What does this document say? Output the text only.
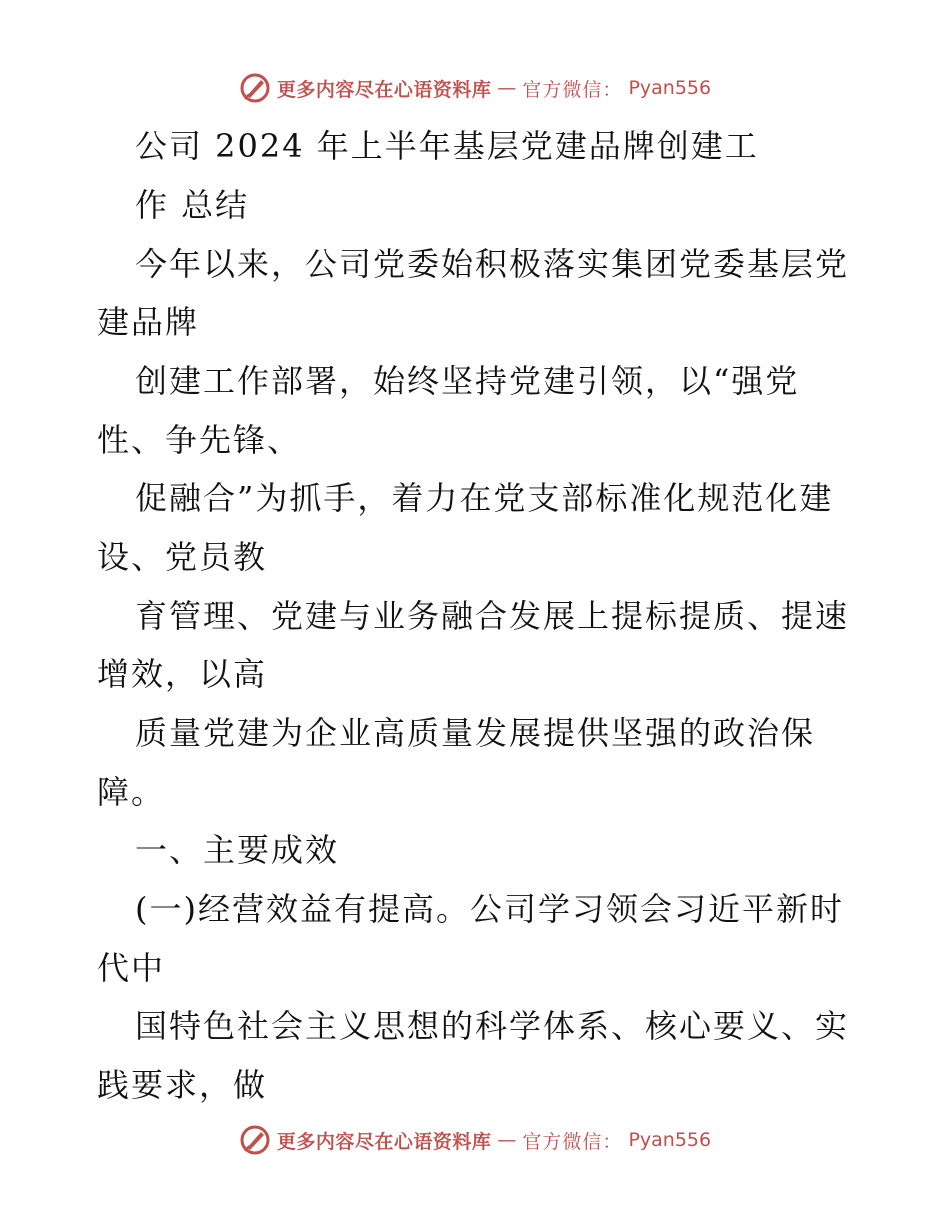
更多内容尽在心语资料库 — 官方微信： Pyan556
公司 2024 年上半年基层党建品牌创建工
作 总结
今年以来，公司党委始积极落实集团党委基层党
建品牌
创建工作部署，始终坚持党建引领，以“强党
性、争先锋、
促融合”为抓手，着力在党支部标准化规范化建
设、党员教
育管理、党建与业务融合发展上提标提质、提速
增效，以高
质量党建为企业高质量发展提供坚强的政治保
障。
一、主要成效
(一)经营效益有提高。公司学习领会习近平新时
代中
国特色社会主义思想的科学体系、核心要义、实
践要求，做
更多内容尽在心语资料库 — 官方微信： Pyan556
